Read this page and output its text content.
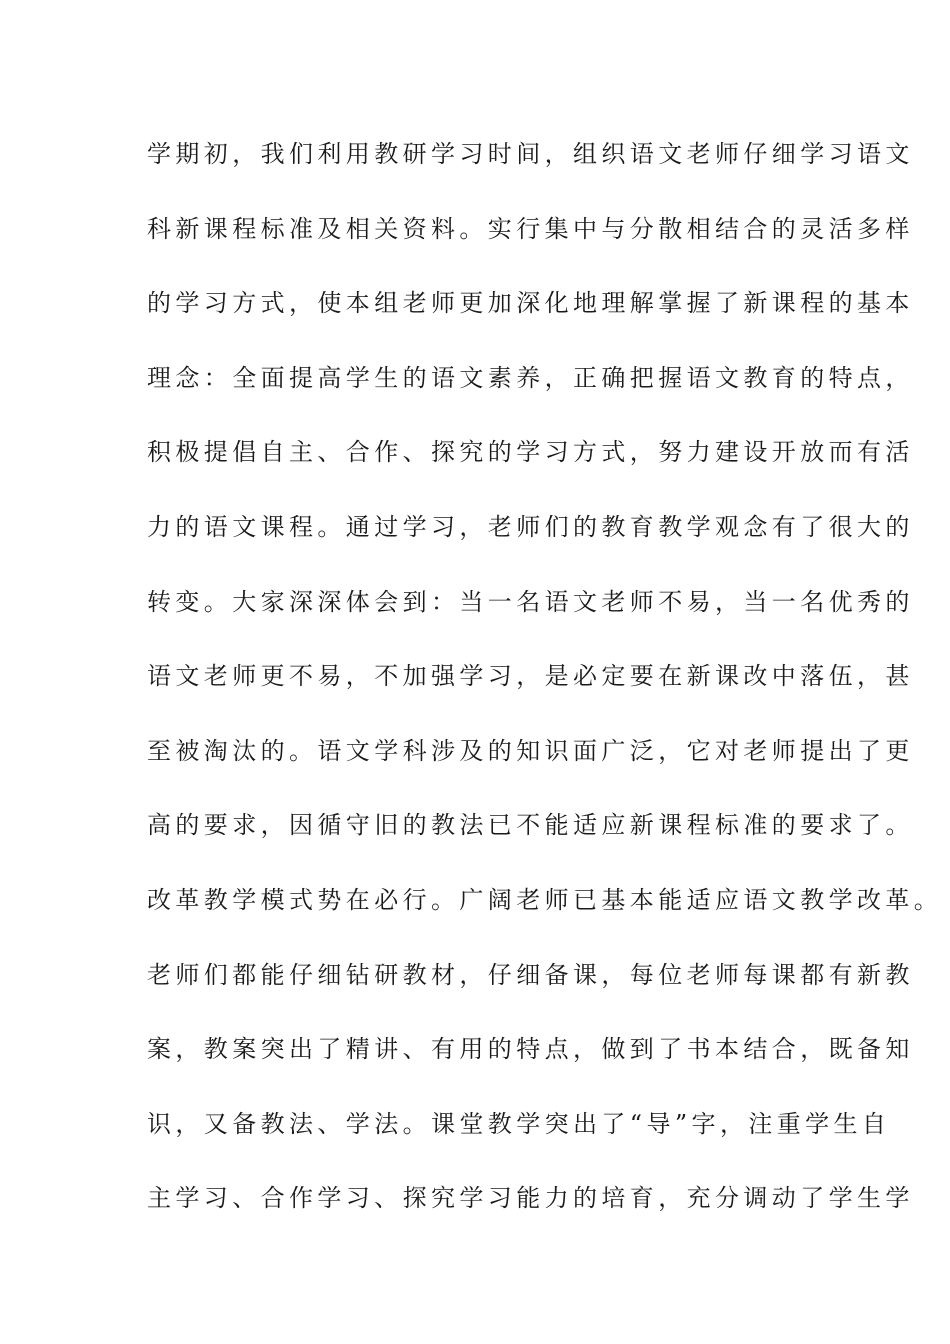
学期初，我们利用教研学习时间，组织语文老师仔细学习语文
科新课程标准及相关资料。实行集中与分散相结合的灵活多样
的学习方式，使本组老师更加深化地理解掌握了新课程的基本
理念：全面提高学生的语文素养，正确把握语文教育的特点，
积极提倡自主、合作、探究的学习方式，努力建设开放而有活
力的语文课程。通过学习，老师们的教育教学观念有了很大的
转变。大家深深体会到：当一名语文老师不易，当一名优秀的
语文老师更不易，不加强学习，是必定要在新课改中落伍，甚
至被淘汰的。语文学科涉及的知识面广泛，它对老师提出了更
高的要求，因循守旧的教法已不能适应新课程标准的要求了。
改革教学模式势在必行。广阔老师已基本能适应语文教学改革。
老师们都能仔细钻研教材，仔细备课，每位老师每课都有新教
案，教案突出了精讲、有用的特点，做到了书本结合，既备知
识，又备教法、学法。课堂教学突出了“导”字，注重学生自
主学习、合作学习、探究学习能力的培育，充分调动了学生学
